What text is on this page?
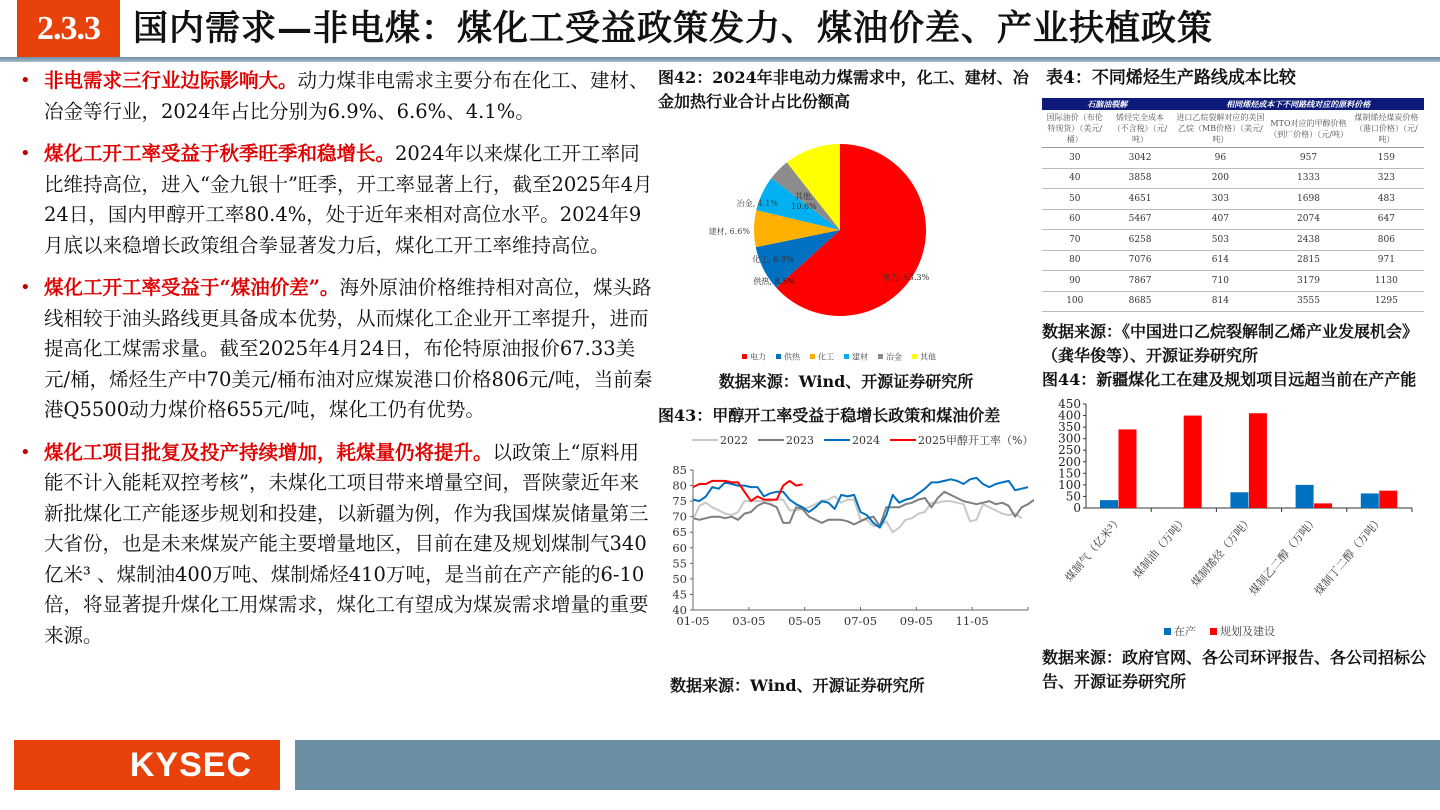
2.3.3 国内需求—非电煤：煤化工受益政策发力、煤油价差、产业扶植政策
• 非电需求三行业边际影响大。动力煤非电需求主要分布在化工、建材、冶金等行业，2024年占比分别为6.9%、6.6%、4.1%。
• 煤化工开工率受益于秋季旺季和稳增长。2024年以来煤化工开工率同比维持高位，进入“金九银十”旺季，开工率显著上行，截至2025年4月24日，国内甲醇开工率80.4%，处于近年来相对高位水平。2024年9月底以来稳增长政策组合拳显著发力后，煤化工开工率维持高位。
• 煤化工开工率受益于“煤油价差”。海外原油价格维持相对高位，煤头路线相较于油头路线更具备成本优势，从而煤化工企业开工率提升，进而提高化工煤需求量。截至2025年4月24日，布伦特原油报价67.33美元/桶，烯烃生产中70美元/桶布油对应煤炭港口价格806元/吨，当前秦港Q5500动力煤价格655元/吨，煤化工仍有优势。
• 煤化工项目批复及投产持续增加，耗煤量仍将提升。以政策上“原料用能不计入能耗双控考核”，未煤化工项目带来增量空间，晋陕蒙近年来新批煤化工产能逐步规划和投建，以新疆为例，作为我国煤炭储量第三大省份，也是未来煤炭产能主要增量地区，目前在建及规划煤制气340亿米³ 、煤制油400万吨、煤制烯烃410万吨，是当前在产产能的6-10倍，将显著提升煤化工用煤需求，煤化工有望成为煤炭需求增量的重要来源。
图42：2024年非电动力煤需求中，化工、建材、冶金加热行业合计占比份额高
电力, 63.3%
供热, 8.5%
化工, 6.9%
建材, 6.6%
冶金, 4.1%
其他,
10.6%
电力 供热 化工 建材 冶金 其他
数据来源：Wind、开源证券研究所
图43：甲醇开工率受益于稳增长政策和煤油价差
2022	2023	2024	2025甲醇开工率（%）
40
45
50
55
60
65
70
75
80
85
01-05 03-05 05-05 07-05 09-05 11-05
数据来源：Wind、开源证券研究所
表4：不同烯烃生产路线成本比较
石脑油裂解		相同烯烃成本下不同路线对应的原料价格		
国际油价（布伦特现货）（美元/桶）	烯烃完全成本（不含税）（元/吨）	进口乙烷裂解对应的美国乙烷（MB价格）（美元/吨）	MTO对应的甲醇价格（到厂价格）（元/吨）	煤制烯烃煤炭价格（港口价格）（元/吨）
30	3042	96	957	159
40	3858	200	1333	323
50	4651	303	1698	483
60	5467	407	2074	647
70	6258	503	2438	806
80	7076	614	2815	971
90	7867	710	3179	1130
100	8685	814	3555	1295
数据来源：《中国进口乙烷裂解制乙烯产业发展机会》（龚华俊等）、开源证券研究所
图44：新疆煤化工在建及规划项目远超当前在产产能
0
50
100
150
200
250
300
350
400
450
煤制气（亿米³） 煤制油（万吨）
煤制烯烃（万吨）
煤制乙二醇（万吨）
煤制丁二醇（万吨）
在产 规划及建设
数据来源：政府官网、各公司环评报告、各公司招标公告、开源证券研究所
KYSEC
